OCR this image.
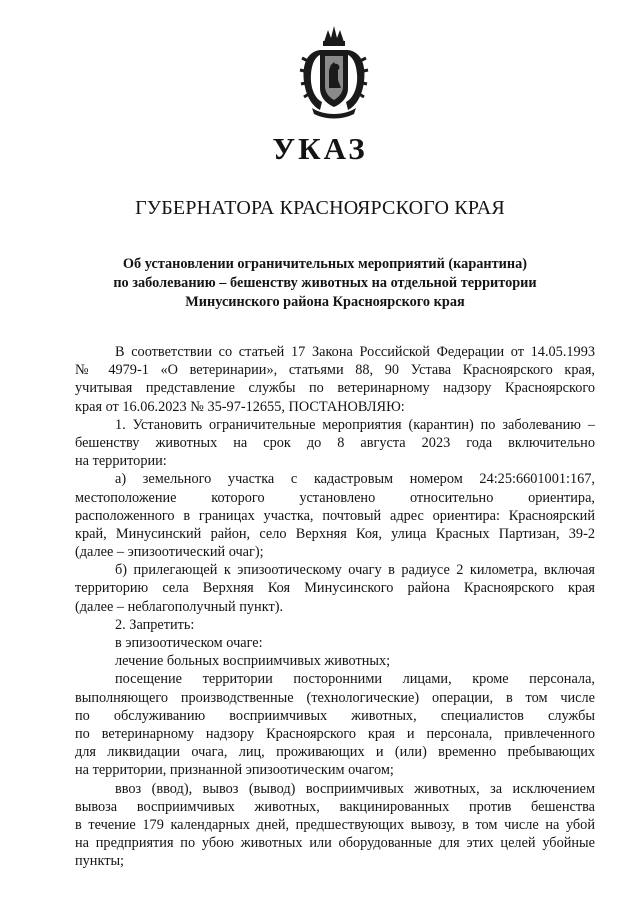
УКАЗ
ГУБЕРНАТОРА КРАСНОЯРСКОГО КРАЯ
Об установлении ограничительных мероприятий (карантина)
по заболеванию – бешенству животных на отдельной территории
Минусинского района Красноярского края
В соответствии со статьей 17 Закона Российской Федерации от 14.05.1993
№ 4979-1 «О ветеринарии», статьями 88, 90 Устава Красноярского края,
учитывая представление службы по ветеринарному надзору Красноярского
края от 16.06.2023 № 35-97-12655, ПОСТАНОВЛЯЮ:
1. Установить ограничительные мероприятия (карантин) по заболеванию –
бешенству животных на срок до 8 августа 2023 года включительно
на территории:
а) земельного участка с кадастровым номером 24:25:6601001:167,
местоположение которого установлено относительно ориентира,
расположенного в границах участка, почтовый адрес ориентира: Красноярский
край, Минусинский район, село Верхняя Коя, улица Красных Партизан, 39-2
(далее – эпизоотический очаг);
б) прилегающей к эпизоотическому очагу в радиусе 2 километра, включая
территорию села Верхняя Коя Минусинского района Красноярского края
(далее – неблагополучный пункт).
2. Запретить:
в эпизоотическом очаге:
лечение больных восприимчивых животных;
посещение территории посторонними лицами, кроме персонала,
выполняющего производственные (технологические) операции, в том числе
по обслуживанию восприимчивых животных, специалистов службы
по ветеринарному надзору Красноярского края и персонала, привлеченного
для ликвидации очага, лиц, проживающих и (или) временно пребывающих
на территории, признанной эпизоотическим очагом;
ввоз (ввод), вывоз (вывод) восприимчивых животных, за исключением
вывоза восприимчивых животных, вакцинированных против бешенства
в течение 179 календарных дней, предшествующих вывозу, в том числе на убой
на предприятия по убою животных или оборудованные для этих целей убойные
пункты;
